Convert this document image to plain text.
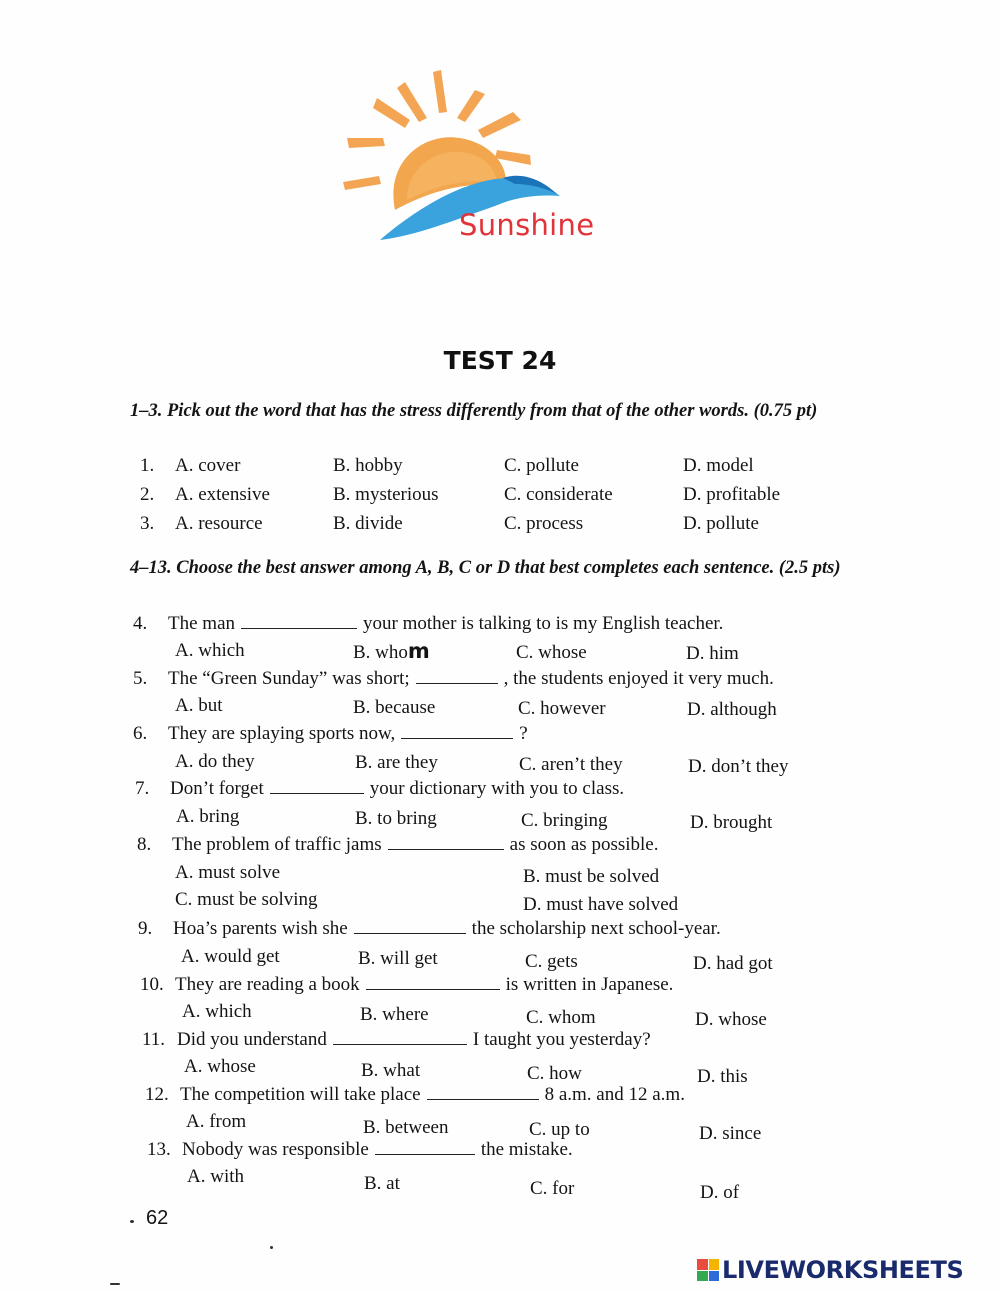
Sunshine
TEST 24
1–3. Pick out the word that has the stress differently from that of the other words. (0.75 pt)
1. A. cover	B. hobby	C. pollute	D. model
2. A. extensive	B. mysterious	C. considerate	D. profitable
3. A. resource	B. divide	C. process	D. pollute
4–13. Choose the best answer among A, B, C or D that best completes each sentence. (2.5 pts)
4. The man	your mother is talking to is my English teacher.
A. which	B. whom	C. whose	D. him
5. The “Green Sunday” was short;	, the students enjoyed it very much.
A. but	B. because	C. however	D. although
6. They are splaying sports now,	?
A. do they	B. are they	C. aren’t they	D. don’t they
7. Don’t forget	your dictionary with you to class.
A. bring	B. to bring	C. bringing	D. brought
8. The problem of traffic jams	as soon as possible.
A. must solve	B. must be solved
C. must be solving	D. must have solved
9. Hoa’s parents wish she	the scholarship next school-year.
A. would get	B. will get	C. gets	D. had got
10. They are reading a book	is written in Japanese.
A. which	B. where	C. whom	D. whose
11. Did you understand	I taught you yesterday?
A. whose	B. what	C. how	D. this
12. The competition will take place	8 a.m. and 12 a.m.
A. from	B. between	C. up to	D. since
13. Nobody was responsible	the mistake.
A. with	B. at	C. for	D. of
62
LIVEWORKSHEETS
